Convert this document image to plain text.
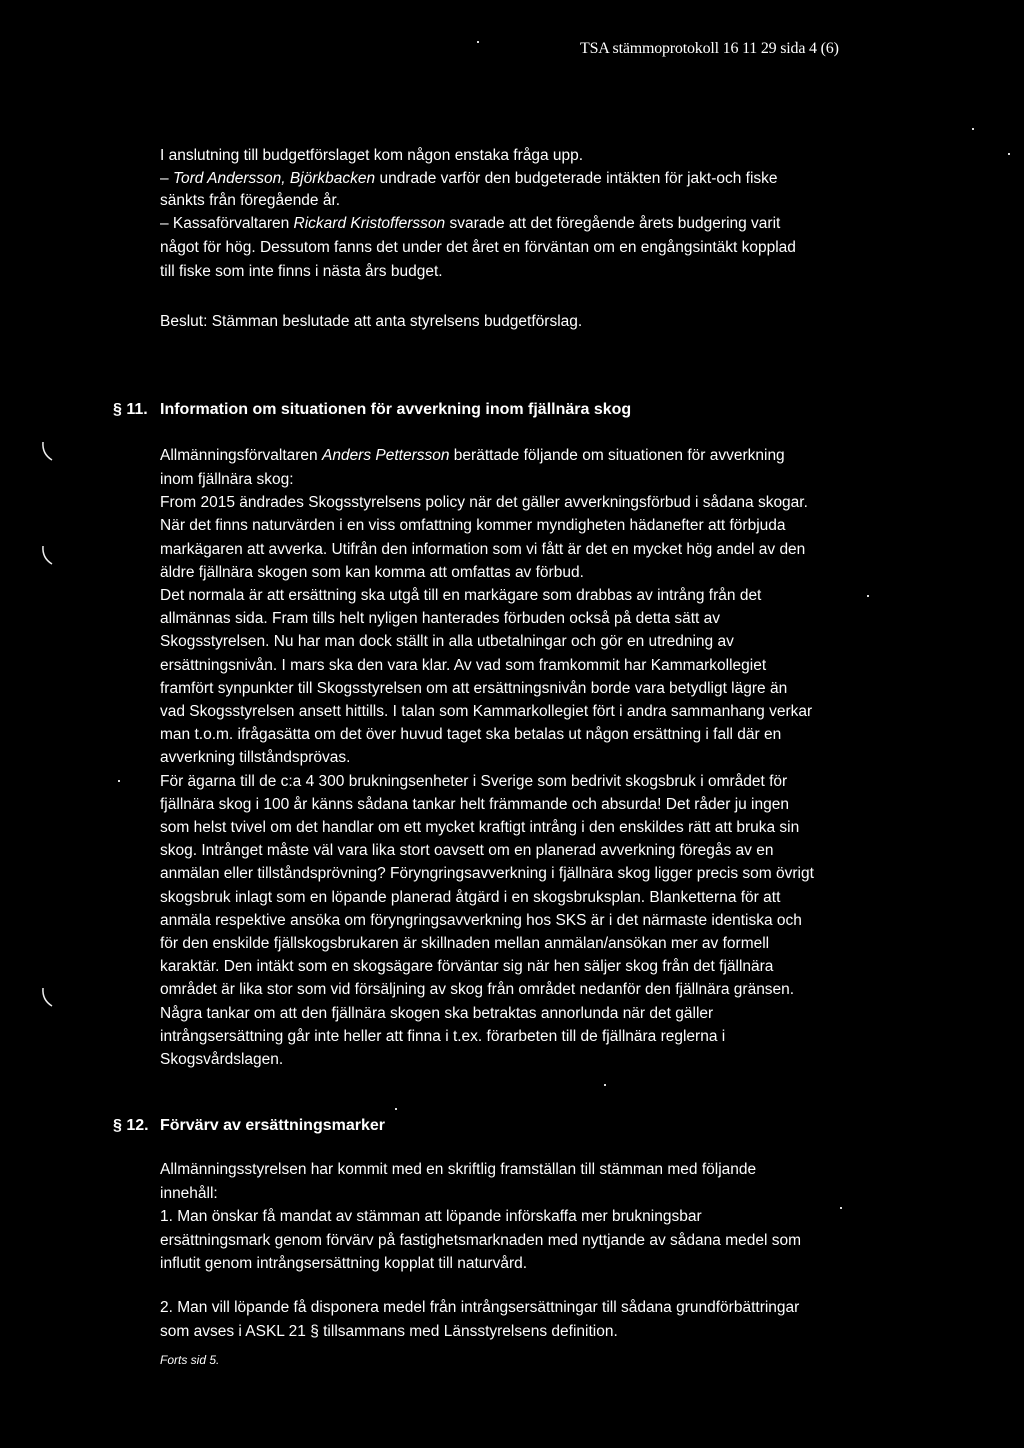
TSA stämmoprotokoll 16 11 29 sida 4 (6)
I anslutning till budgetförslaget kom någon enstaka fråga upp.
– Tord Andersson, Björkbacken undrade varför den budgeterade intäkten för jakt-och fiske
sänkts från föregående år.
– Kassaförvaltaren Rickard Kristoffersson svarade att det föregående årets budgering varit
något för hög. Dessutom fanns det under det året en förväntan om en engångsintäkt kopplad
till fiske som inte finns i nästa års budget.
Beslut: Stämman beslutade att anta styrelsens budgetförslag.
§ 11. Information om situationen för avverkning inom fjällnära skog
Allmänningsförvaltaren Anders Pettersson berättade följande om situationen för avverkning
inom fjällnära skog:
From 2015 ändrades Skogsstyrelsens policy när det gäller avverkningsförbud i sådana skogar.
När det finns naturvärden i en viss omfattning kommer myndigheten hädanefter att förbjuda
markägaren att avverka. Utifrån den information som vi fått är det en mycket hög andel av den
äldre fjällnära skogen som kan komma att omfattas av förbud.
Det normala är att ersättning ska utgå till en markägare som drabbas av intrång från det
allmännas sida. Fram tills helt nyligen hanterades förbuden också på detta sätt av
Skogsstyrelsen. Nu har man dock ställt in alla utbetalningar och gör en utredning av
ersättningsnivån. I mars ska den vara klar. Av vad som framkommit har Kammarkollegiet
framfört synpunkter till Skogsstyrelsen om att ersättningsnivån borde vara betydligt lägre än
vad Skogsstyrelsen ansett hittills. I talan som Kammarkollegiet fört i andra sammanhang verkar
man t.o.m. ifrågasätta om det över huvud taget ska betalas ut någon ersättning i fall där en
avverkning tillståndsprövas.
För ägarna till de c:a 4 300 brukningsenheter i Sverige som bedrivit skogsbruk i området för
fjällnära skog i 100 år känns sådana tankar helt främmande och absurda! Det råder ju ingen
som helst tvivel om det handlar om ett mycket kraftigt intrång i den enskildes rätt att bruka sin
skog. Intrånget måste väl vara lika stort oavsett om en planerad avverkning föregås av en
anmälan eller tillståndsprövning? Föryngringsavverkning i fjällnära skog ligger precis som övrigt
skogsbruk inlagt som en löpande planerad åtgärd i en skogsbruksplan. Blanketterna för att
anmäla respektive ansöka om föryngringsavverkning hos SKS är i det närmaste identiska och
för den enskilde fjällskogsbrukaren är skillnaden mellan anmälan/ansökan mer av formell
karaktär. Den intäkt som en skogsägare förväntar sig när hen säljer skog från det fjällnära
området är lika stor som vid försäljning av skog från området nedanför den fjällnära gränsen.
Några tankar om att den fjällnära skogen ska betraktas annorlunda när det gäller
intrångsersättning går inte heller att finna i t.ex. förarbeten till de fjällnära reglerna i
Skogsvårdslagen.
§ 12. Förvärv av ersättningsmarker
Allmänningsstyrelsen har kommit med en skriftlig framställan till stämman med följande
innehåll:
1. Man önskar få mandat av stämman att löpande införskaffa mer brukningsbar
ersättningsmark genom förvärv på fastighetsmarknaden med nyttjande av sådana medel som
influtit genom intrångsersättning kopplat till naturvård.
2. Man vill löpande få disponera medel från intrångsersättningar till sådana grundförbättringar
som avses i ASKL 21 § tillsammans med Länsstyrelsens definition.
Forts sid 5.
